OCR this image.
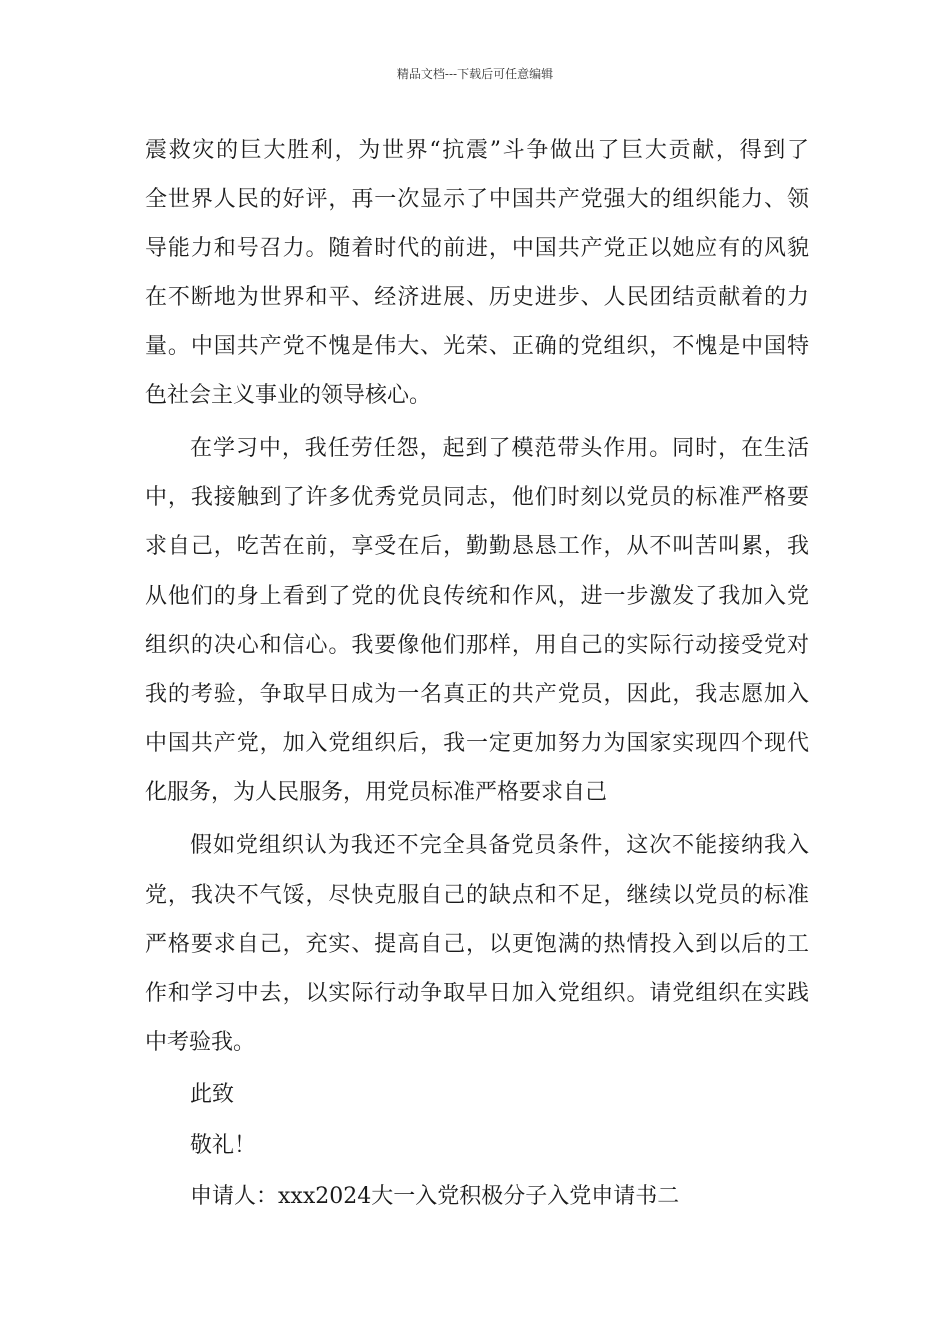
精品文档---下载后可任意编辑
震救灾的巨大胜利，为世界“抗震”斗争做出了巨大贡献，得到了
全世界人民的好评，再一次显示了中国共产党强大的组织能力、领
导能力和号召力。随着时代的前进，中国共产党正以她应有的风貌
在不断地为世界和平、经济进展、历史进步、人民团结贡献着的力
量。中国共产党不愧是伟大、光荣、正确的党组织，不愧是中国特
色社会主义事业的领导核心。
在学习中，我任劳任怨，起到了模范带头作用。同时，在生活
中，我接触到了许多优秀党员同志，他们时刻以党员的标准严格要
求自己，吃苦在前，享受在后，勤勤恳恳工作，从不叫苦叫累，我
从他们的身上看到了党的优良传统和作风，进一步激发了我加入党
组织的决心和信心。我要像他们那样，用自己的实际行动接受党对
我的考验，争取早日成为一名真正的共产党员，因此，我志愿加入
中国共产党，加入党组织后，我一定更加努力为国家实现四个现代
化服务，为人民服务，用党员标准严格要求自己
假如党组织认为我还不完全具备党员条件，这次不能接纳我入
党，我决不气馁，尽快克服自己的缺点和不足，继续以党员的标准
严格要求自己，充实、提高自己，以更饱满的热情投入到以后的工
作和学习中去，以实际行动争取早日加入党组织。请党组织在实践
中考验我。
此致
敬礼！
申请人：xxx2024大一入党积极分子入党申请书二
